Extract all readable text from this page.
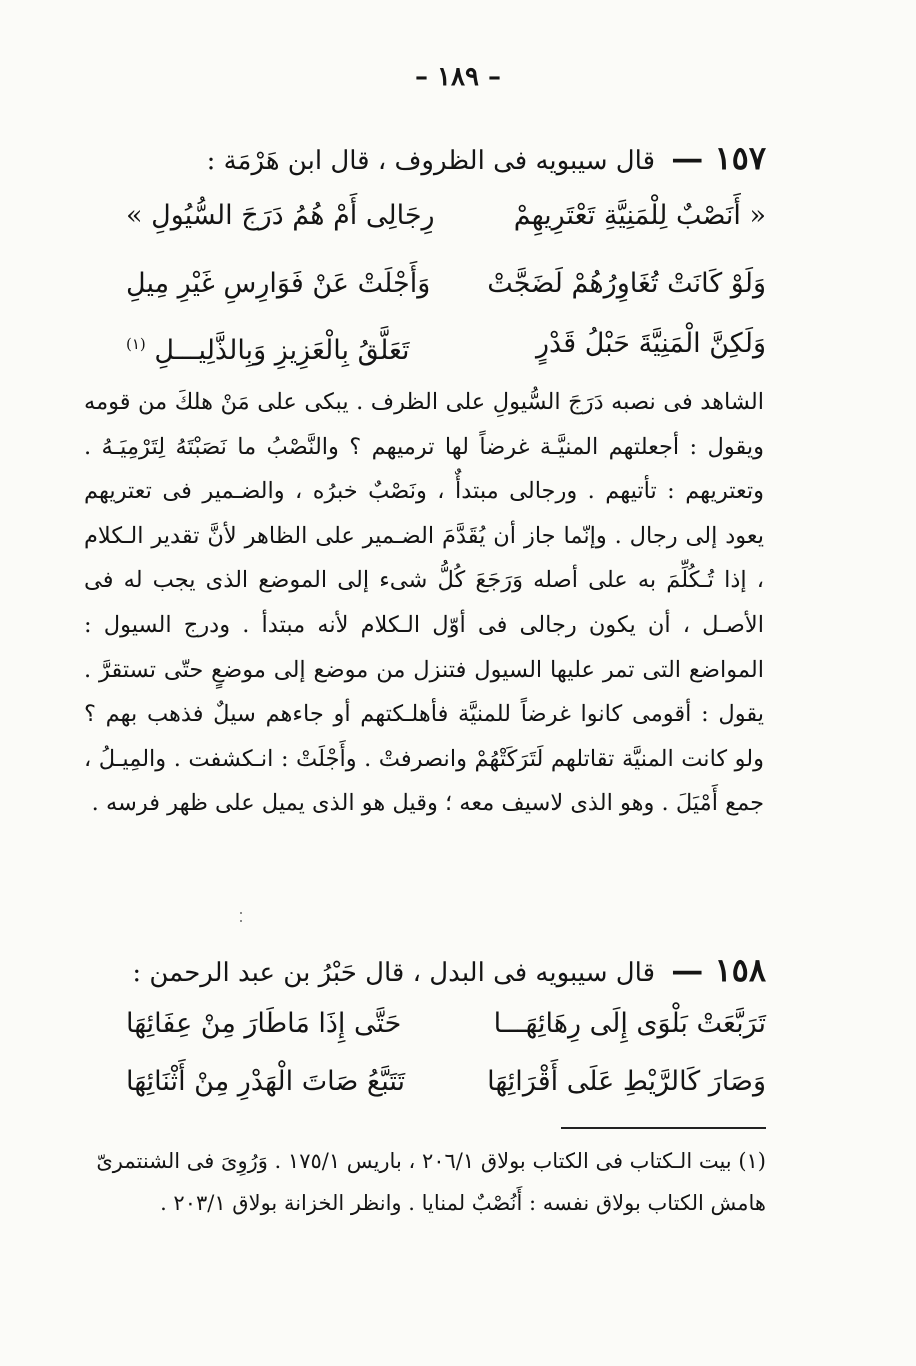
– ١٨٩ –
١٥٧ — قال سيبويه فى الظروف ، قال ابن هَرْمَة :
« أَنَصْبٌ لِلْمَنِيَّةِ تَعْتَرِيهِمْ
رِجَالِى أَمْ هُمُ دَرَجَ السُّيُولِ »
وَلَوْ كَانَتْ تُغَاوِرُهُمْ لَضَجَّتْ
وَأَجْلَتْ عَنْ فَوَارِسِ غَيْرِ مِيلِ
وَلَكِنَّ الْمَنِيَّةَ حَبْلُ قَدْرٍ
تَعَلَّقُ بِالْعَزِيزِ وَبِالذَّلِيـــلِ $^{(١)}$
الشاهد فى نصبه دَرَجَ السُّيولِ على الظرف . يبكى على مَنْ هلكَ من قومه ويقول : أجعلتهم المنيَّـة غرضاً لها ترميهم ؟ والنَّصْبُ ما نَصَبْتَهُ لِتَرْمِيَـهُ . وتعتريهم : تأتيهم . ورجالى مبتدأٌ ، ونَصْبٌ خبرُه ، والضـمير فى تعتريهم يعود إلى رجال . وإنّما جاز أن يُقَدَّمَ الضـمير على الظاهر لأنَّ تقدير الـكلام ، إذا تُـكُلِّمَ به على أصله وَرَجَعَ كُلُّ شىء إلى الموضع الذى يجب له فى الأصـل ، أن يكون رجالى فى أوّل الـكلام لأنه مبتدأ . ودرج السيول : المواضع التى تمر عليها السيول فتنزل من موضع إلى موضعٍ حتّى تستقرَّ . يقول : أقومى كانوا غرضاً للمنيَّة فأهلـكتهم أو جاءهم سيلٌ فذهب بهم ؟ ولو كانت المنيَّة تقاتلهم لَتَرَكَتْهُمْ وانصرفتْ . وأَجْلَتْ : انـكشفت . والمِيـلُ ، جمع أَمْيَلَ . وهو الذى لاسيف معه ؛ وقيل هو الذى يميل على ظهر فرسه .
١٥٨ — قال سيبويه فى البدل ، قال حَبْرُ بن عبد الرحمن :
تَرَبَّعَتْ بَلْوَى إِلَى رِهَائِهَـــا
حَتَّى إِذَا مَاطَارَ مِنْ عِفَائِهَا
وَصَارَ كَالرَّيْطِ عَلَى أَقْرَائِهَا
تَتَبَّعُ صَاتَ الْهَدْرِ مِنْ أَثْنَائِهَا
(١) بيت الـكتاب فى الكتاب بولاق ٢٠٦/١ ، باريس ١٧٥/١ . وَرُوِىَ فى الشنتمرىّ هامش الكتاب بولاق نفسه : أَنُصْبٌ لمنايا . وانظر الخزانة بولاق ٢٠٣/١ .
